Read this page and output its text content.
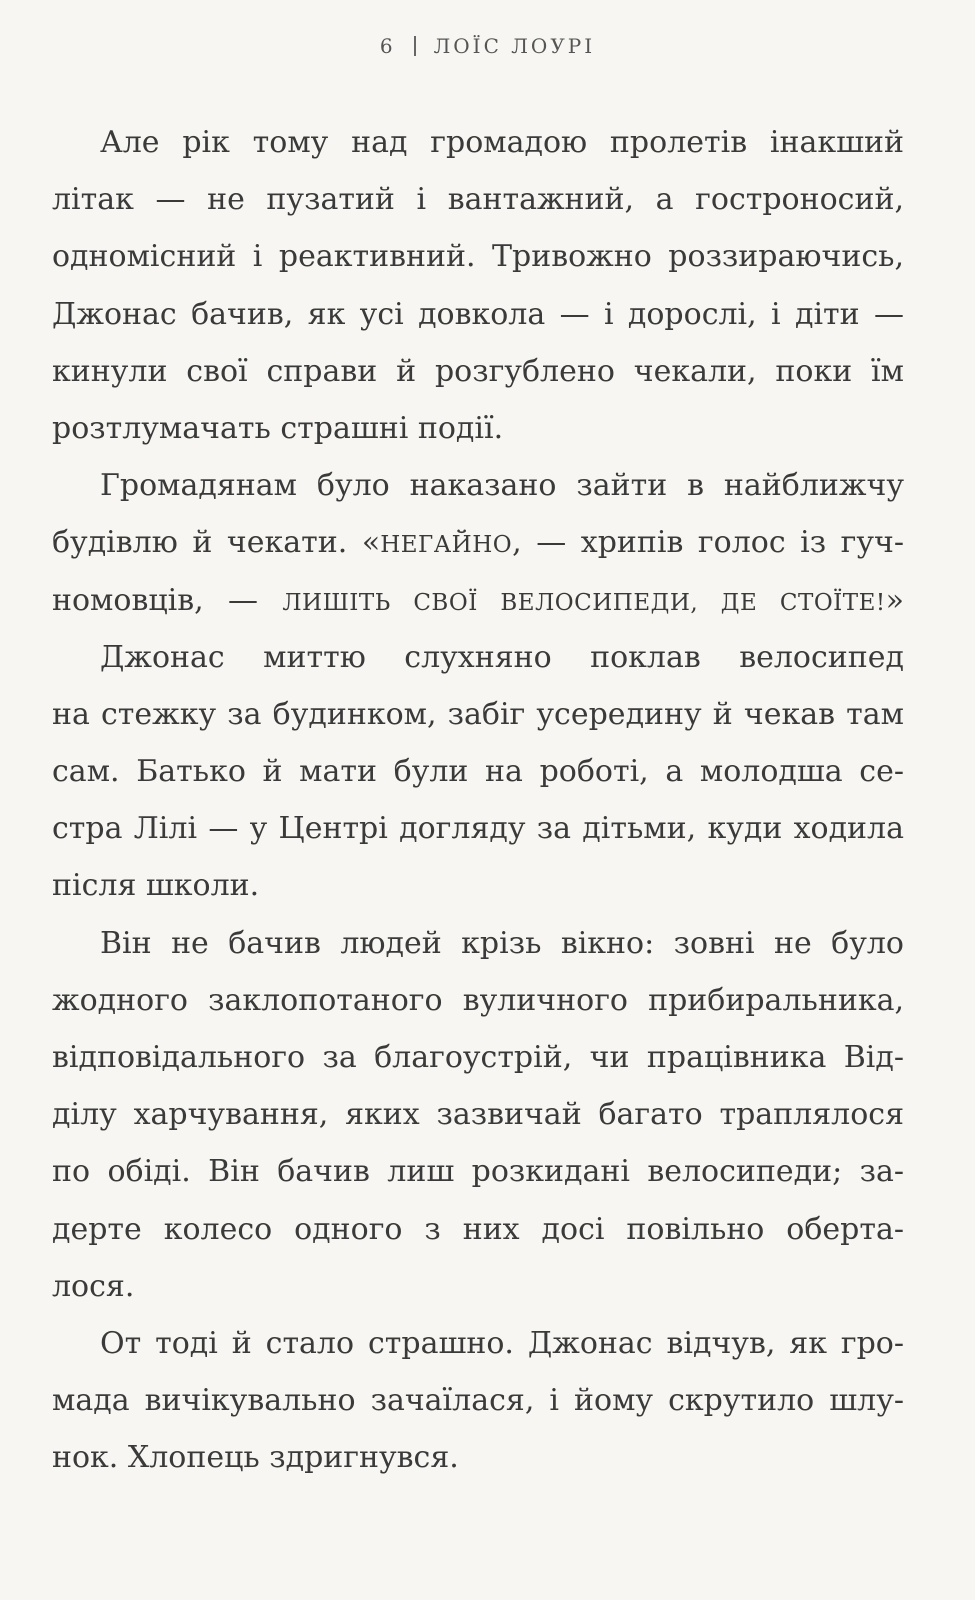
6 ЛОЇС ЛОУРІ
Але рік тому над громадою пролетів інакший
літак — не пузатий і вантажний, а гостроносий,
одномісний і реактивний. Тривожно роззираючись,
Джонас бачив, як усі довкола — і дорослі, і діти —
кинули свої справи й розгублено чекали, поки їм
розтлумачать страшні події.
Громадянам було наказано зайти в найближчу
будівлю й чекати. «НЕГАЙНО, — хрипів голос із гуч-
номовців, — ЛИШІТЬ СВОЇ ВЕЛОСИПЕДИ, ДЕ СТОЇТЕ!»
Джонас миттю слухняно поклав велосипед
на стежку за будинком, забіг усередину й чекав там
сам. Батько й мати були на роботі, а молодша се-
стра Лілі — у Центрі догляду за дітьми, куди ходила
після школи.
Він не бачив людей крізь вікно: зовні не було
жодного заклопотаного вуличного прибиральника,
відповідального за благоустрій, чи працівника Від-
ділу харчування, яких зазвичай багато траплялося
по обіді. Він бачив лиш розкидані велосипеди; за-
дерте колесо одного з них досі повільно оберта-
лося.
От тоді й стало страшно. Джонас відчув, як гро-
мада вичікувально зачаїлася, і йому скрутило шлу-
нок. Хлопець здригнувся.
